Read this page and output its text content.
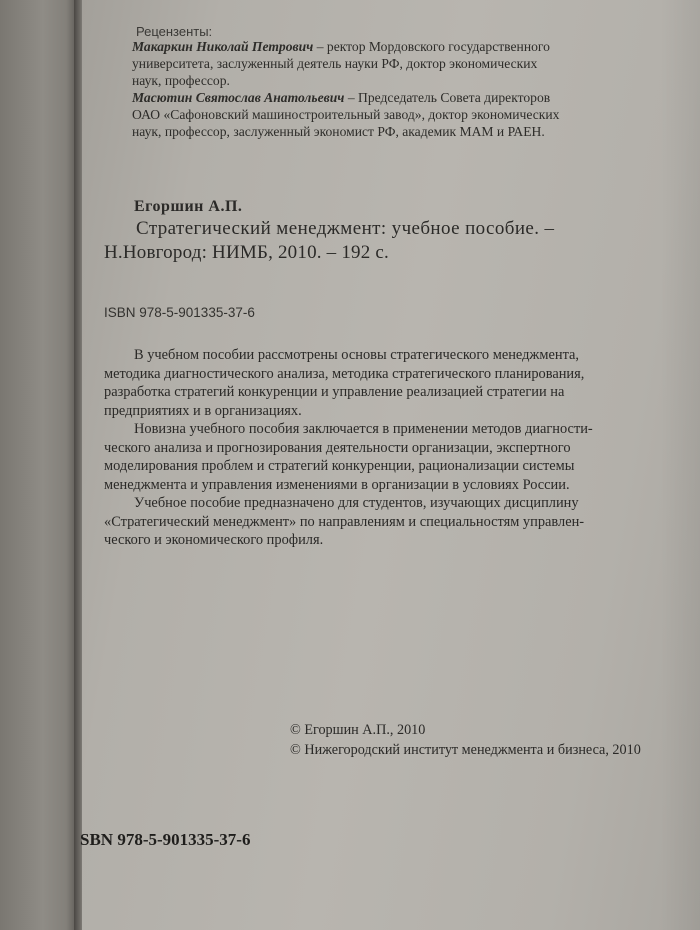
Рецензенты:
Макаркин Николай Петрович – ректор Мордовского государственного
университета, заслуженный деятель науки РФ, доктор экономических
наук, профессор.
Масютин Святослав Анатольевич – Председатель Совета директоров
ОАО «Сафоновский машиностроительный завод», доктор экономических
наук, профессор, заслуженный экономист РФ, академик МАМ и РАЕН.
Егоршин А.П.
Стратегический менеджмент: учебное пособие. –
Н.Новгород: НИМБ, 2010. – 192 с.
ISBN 978-5-901335-37-6
В учебном пособии рассмотрены основы стратегического менеджмента,
методика диагностического анализа, методика стратегического планирования,
разработка стратегий конкуренции и управление реализацией стратегии на
предприятиях и в организациях.
Новизна учебного пособия заключается в применении методов диагности-
ческого анализа и прогнозирования деятельности организации, экспертного
моделирования проблем и стратегий конкуренции, рационализации системы
менеджмента и управления изменениями в организации в условиях России.
Учебное пособие предназначено для студентов, изучающих дисциплину
«Стратегический менеджмент» по направлениям и специальностям управлен-
ческого и экономического профиля.
© Егоршин А.П., 2010
© Нижегородский институт менеджмента и бизнеса, 2010
SBN 978-5-901335-37-6
